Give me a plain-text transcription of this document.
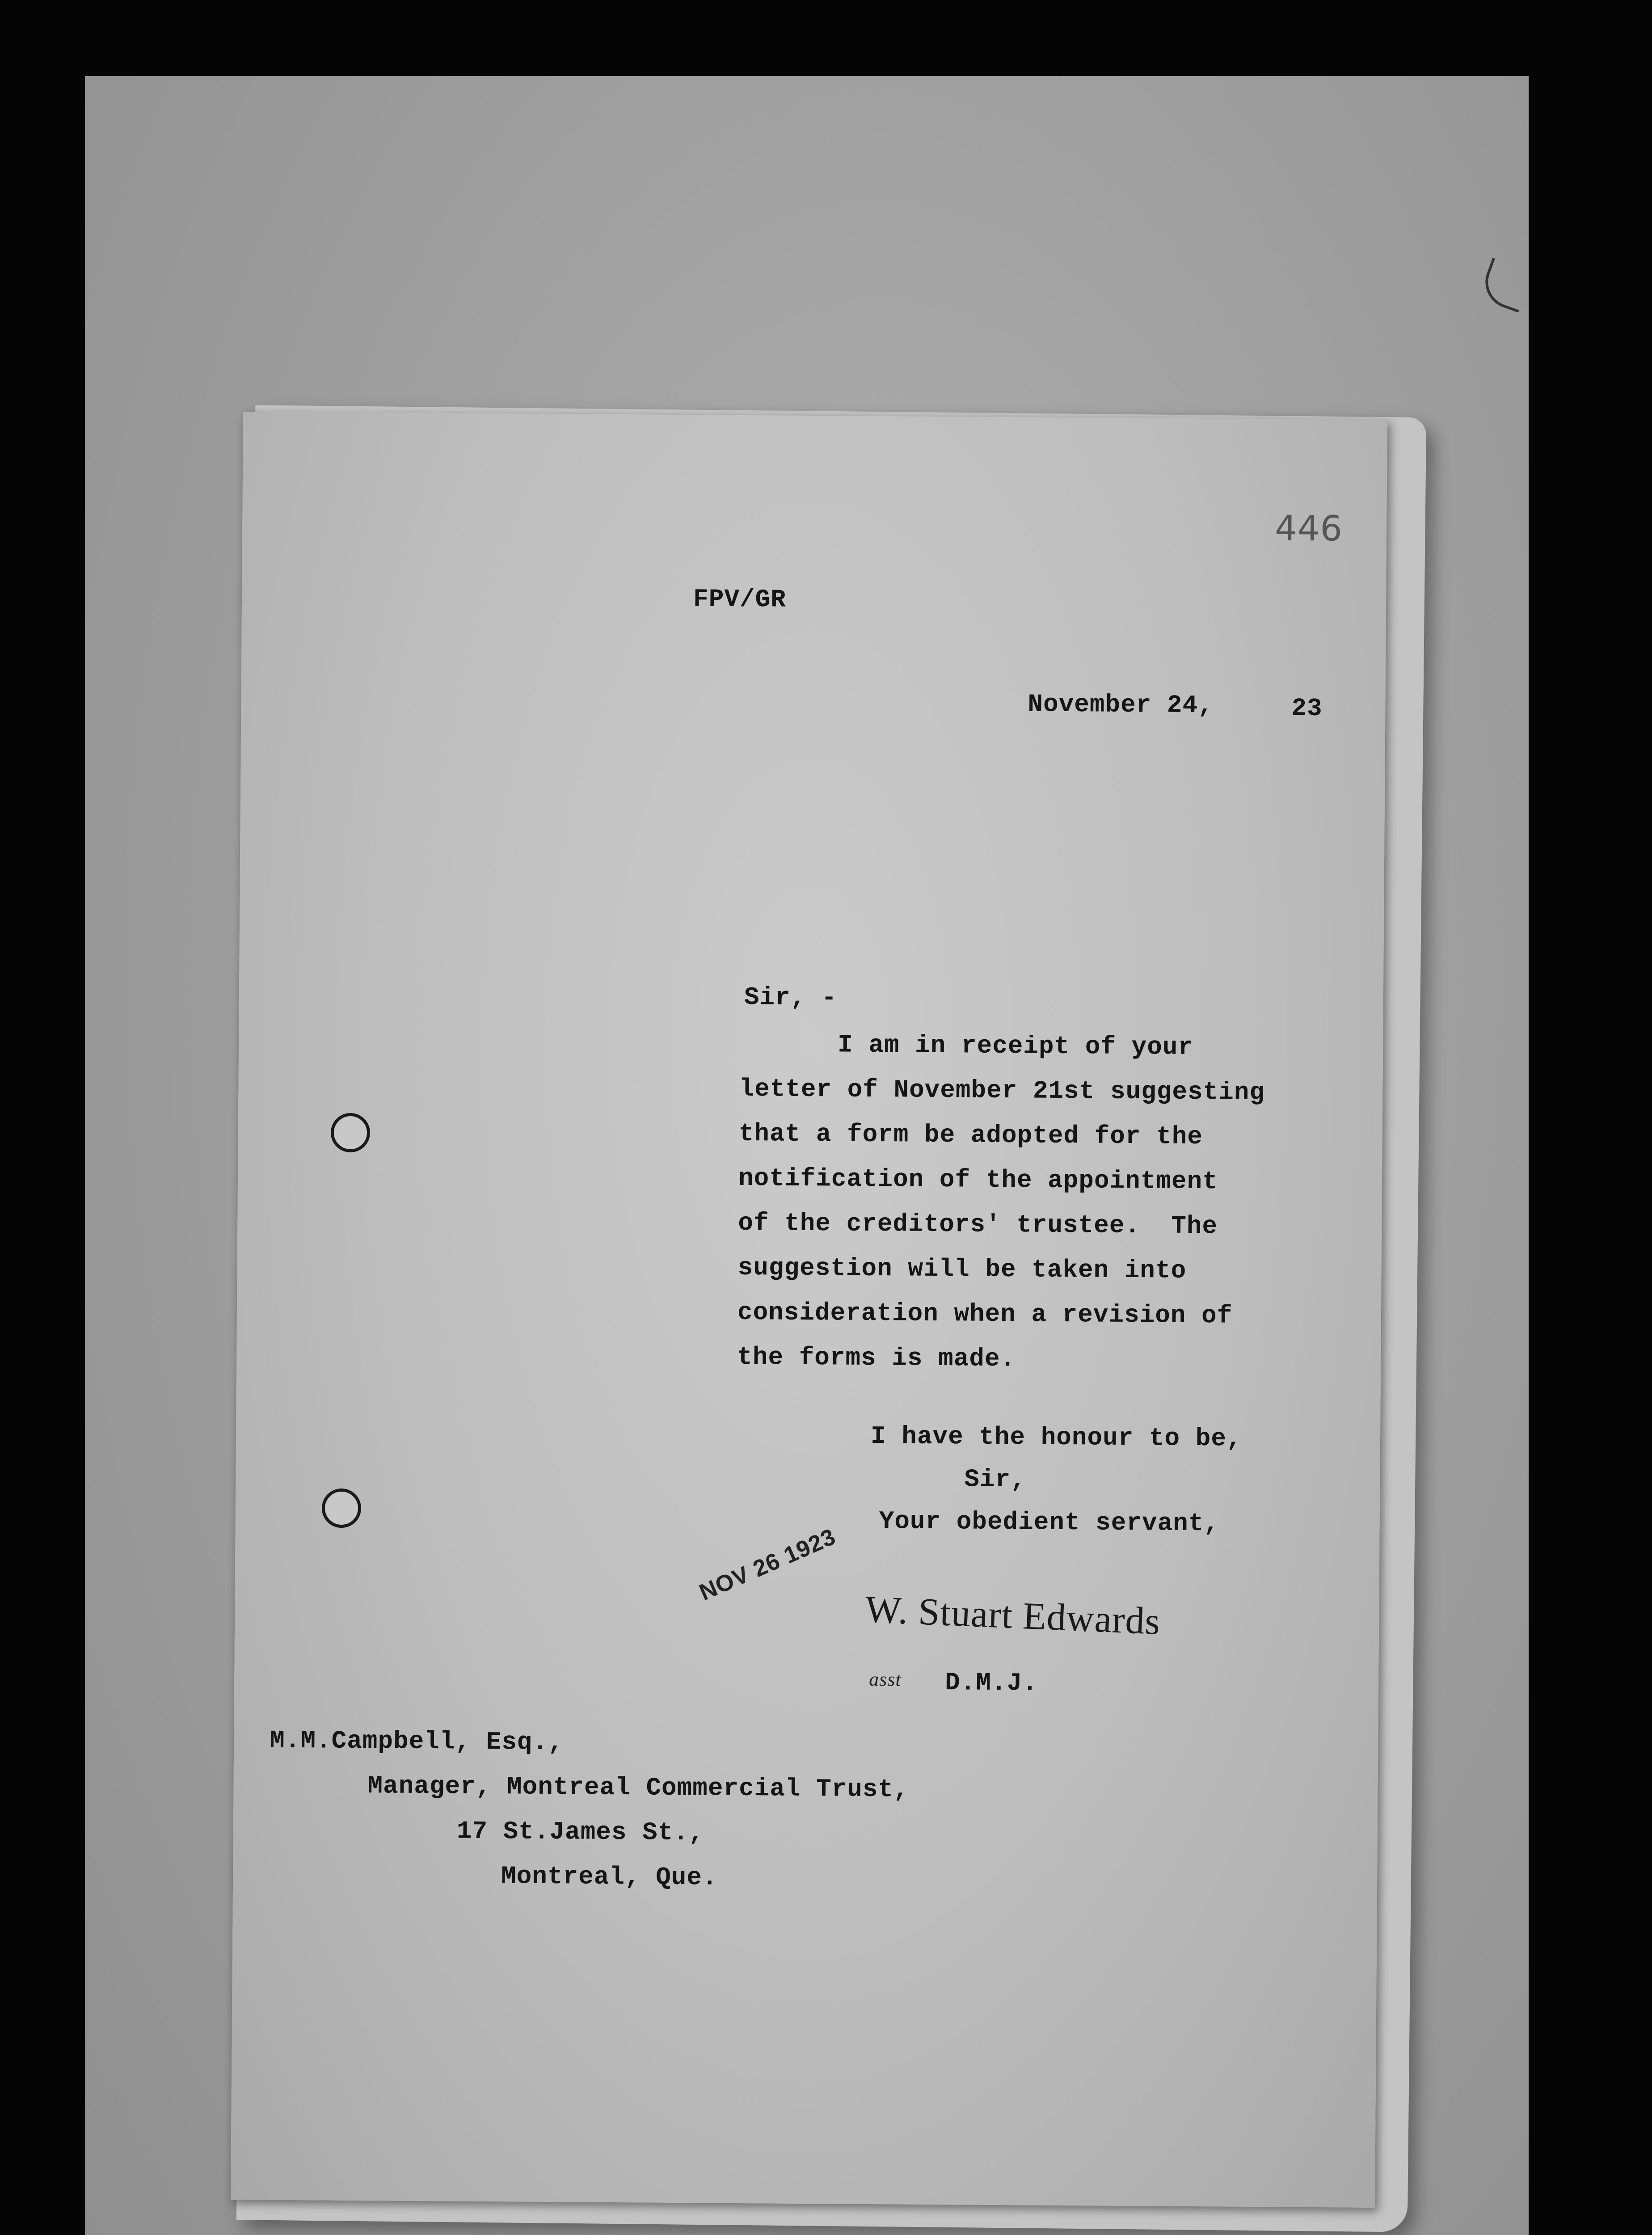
446
FPV/GR
November 24,	23
Sir, -
I am in receipt of your
letter of November 21st suggesting
that a form be adopted for the
notification of the appointment
of the creditors' trustee.  The
suggestion will be taken into
consideration when a revision of
the forms is made.
I have the honour to be,
Sir,
Your obedient servant,
NOV 26 1923
W. Stuart Edwards
asst D.M.J.
M.M.Campbell, Esq.,
Manager, Montreal Commercial Trust,
17 St.James St.,
Montreal, Que.
